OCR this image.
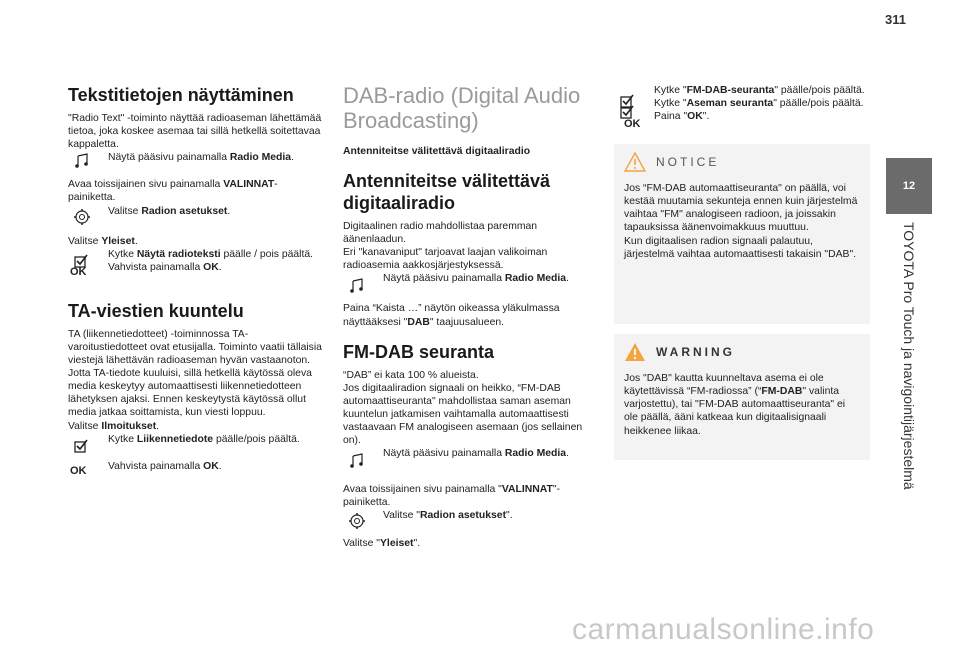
311
12
TOYOTA Pro Touch ja navigointijärjestelmä
Tekstitietojen näyttäminen

"Radio Text" -toiminto näyttää radioaseman lähettämää tietoa, joka koskee asemaa tai sillä hetkellä soitettavaa kappaletta.

Näytä pääsivu painamalla Radio Media.

Avaa toissijainen sivu painamalla VALINNAT-painiketta.

Valitse Radion asetukset.

Valitse Yleiset.

Kytke Näytä radioteksti päälle / pois päältä.
OK Vahvista painamalla OK.
TA-viestien kuuntelu

TA (liikennetiedotteet) -toiminnossa TA-varoitustiedotteet ovat etusijalla. Toiminto vaatii tällaisia viestejä lähettävän radioaseman hyvän vastaanoton. Jotta TA-tiedote kuuluisi, sillä hetkellä käytössä oleva media keskeytyy automaattisesti liikennetiedotteen lähetyksen ajaksi. Ennen keskeytystä käytössä ollut media jatkaa soittamista, kun viesti loppuu.

Valitse Ilmoitukset.

Kytke Liikennetiedote päälle/pois päältä.
OK Vahvista painamalla OK.
DAB-radio (Digital Audio Broadcasting)

Antenniteitse välitettävä digitaaliradio

Antenniteitse välitettävä digitaaliradio

Digitaalinen radio mahdollistaa paremman äänenlaadun.

Eri "kanavaniput" tarjoavat laajan valikoiman radioasemia aakkosjärjestyksessä.

Näytä pääsivu painamalla Radio Media.

Paina “Kaista …” näytön oikeassa yläkulmassa näyttääksesi "DAB" taajuusalueen.

FM-DAB seuranta

“DAB” ei kata 100 % alueista.

Jos digitaaliradion signaali on heikko, “FM-DAB automaattiseuranta" mahdollistaa saman aseman kuuntelun jatkamisen vaihtamalla automaattisesti vastaavaan FM analogiseen asemaan (jos sellainen on).

Näytä pääsivu painamalla Radio Media.

Avaa toissijainen sivu painamalla "VALINNAT"-painiketta.

Valitse "Radion asetukset".

Valitse "Yleiset".

Kytke "FM-DAB-seuranta" päälle/pois päältä.
Kytke "Aseman seuranta" päälle/pois päältä.
OK
Paina "OK".
NOTICE

Jos “FM-DAB automaattiseuranta" on päällä, voi kestää muutamia sekunteja ennen kuin järjestelmä vaihtaa "FM" analogiseen radioon, ja joissakin tapauksissa äänenvoimakkuus muuttuu.

Kun digitaalisen radion signaali palautuu, järjestelmä vaihtaa automaattisesti takaisin "DAB".

WARNING

Jos "DAB" kautta kuunneltava asema ei ole käytettävissä “FM-radiossa” (“FM-DAB" valinta varjostettu), tai "FM-DAB automaattiseuranta" ei ole päällä, ääni katkeaa kun digitaalisignaali heikkenee liikaa.

carmanualsonline.info
